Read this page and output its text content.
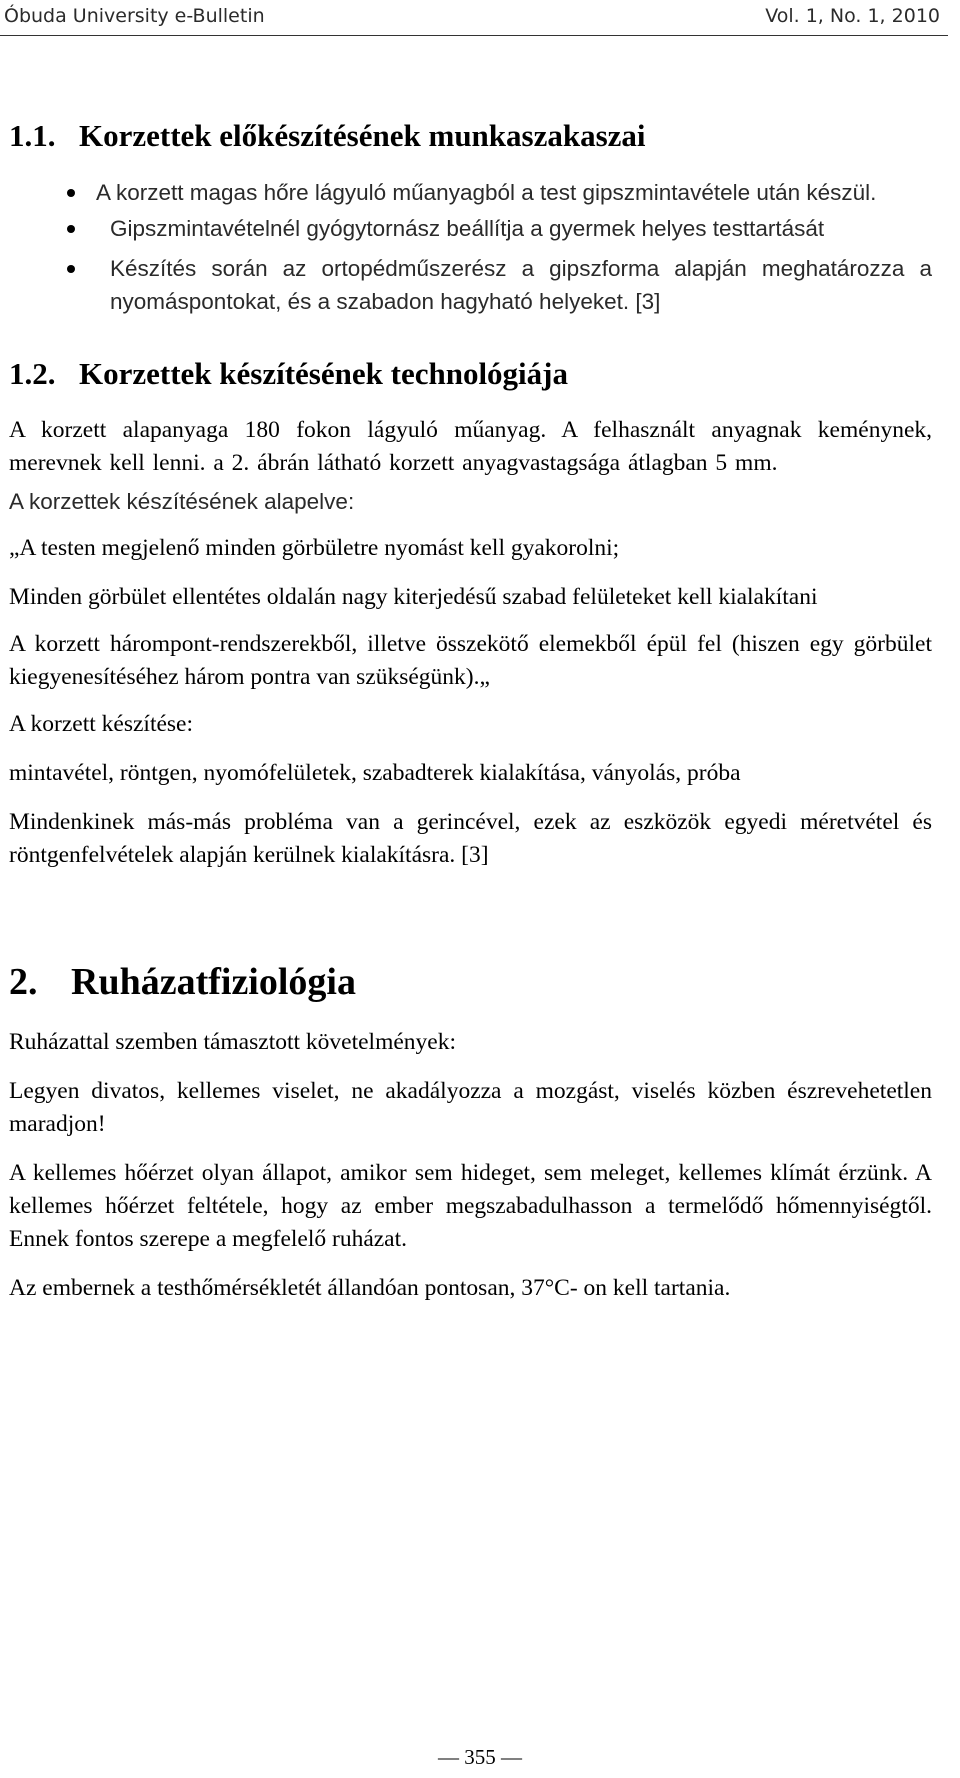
Óbuda University e-Bulletin	Vol. 1, No. 1, 2010
1.1. Korzettek előkészítésének munkaszakaszai

A korzett magas hőre lágyuló műanyagból a test gipszmintavétele után készül.

Gipszmintavételnél gyógytornász beállítja a gyermek helyes testtartását

Készítés során az ortopédműszerész a gipszforma alapján meghatározza a nyomáspontokat, és a szabadon hagyható helyeket. [3]

1.2. Korzettek készítésének technológiája

A korzett alapanyaga 180 fokon lágyuló műanyag. A felhasznált anyagnak keménynek, merevnek kell lenni. a 2. ábrán látható korzett anyagvastagsága átlagban 5 mm.

A korzettek készítésének alapelve:

„A testen megjelenő minden görbületre nyomást kell gyakorolni;

Minden görbület ellentétes oldalán nagy kiterjedésű szabad felületeket kell kialakítani

A korzett hárompont-rendszerekből, illetve összekötő elemekből épül fel (hiszen egy görbület kiegyenesítéséhez három pontra van szükségünk).„

A korzett készítése:

mintavétel, röntgen, nyomófelületek, szabadterek kialakítása, ványolás, próba

Mindenkinek más-más probléma van a gerincével, ezek az eszközök egyedi méretvétel és röntgenfelvételek alapján kerülnek kialakításra. [3]

2. Ruházatfiziológia

Ruházattal szemben támasztott követelmények:

Legyen divatos, kellemes viselet, ne akadályozza a mozgást, viselés közben észrevehetetlen maradjon!

A kellemes hőérzet olyan állapot, amikor sem hideget, sem meleget, kellemes klímát érzünk. A kellemes hőérzet feltétele, hogy az ember megszabadulhasson a termelődő hőmennyiségtől. Ennek fontos szerepe a megfelelő ruházat.

Az embernek a testhőmérsékletét állandóan pontosan, 37°C- on kell tartania.

— 355 —
